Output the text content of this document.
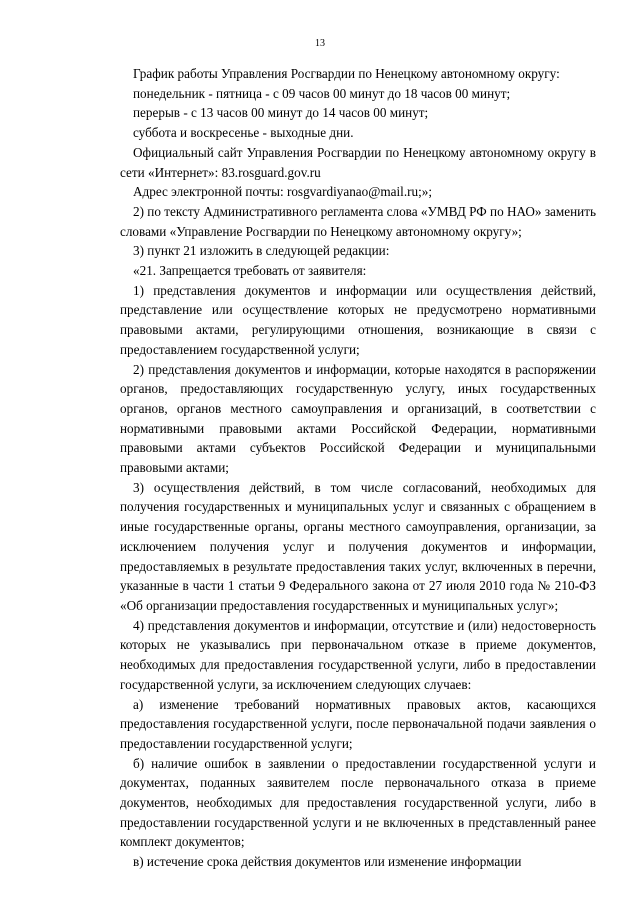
13

График работы Управления Росгвардии по Ненецкому автономному округу:

понедельник - пятница - с 09 часов 00 минут до 18 часов 00 минут;

перерыв - с 13 часов 00 минут до 14 часов 00 минут;

суббота и воскресенье - выходные дни.

Официальный сайт Управления Росгвардии по Ненецкому автономному округу в сети «Интернет»: 83.rosguard.gov.ru

Адрес электронной почты: rosgvardiyanao@mail.ru;»;

2) по тексту Административного регламента слова «УМВД РФ по НАО» заменить словами «Управление Росгвардии по Ненецкому автономному округу»;

3) пункт 21 изложить в следующей редакции:

«21. Запрещается требовать от заявителя:

1) представления документов и информации или осуществления действий, представление или осуществление которых не предусмотрено нормативными правовыми актами, регулирующими отношения, возникающие в связи с предоставлением государственной услуги;

2) представления документов и информации, которые находятся в распоряжении органов, предоставляющих государственную услугу, иных государственных органов, органов местного самоуправления и организаций, в соответствии с нормативными правовыми актами Российской Федерации, нормативными правовыми актами субъектов Российской Федерации и муниципальными правовыми актами;

3) осуществления действий, в том числе согласований, необходимых для получения государственных и муниципальных услуг и связанных с обращением в иные государственные органы, органы местного самоуправления, организации, за исключением получения услуг и получения документов и информации, предоставляемых в результате предоставления таких услуг, включенных в перечни, указанные в части 1 статьи 9 Федерального закона от 27 июля 2010 года № 210-ФЗ «Об организации предоставления государственных и муниципальных услуг»;

4) представления документов и информации, отсутствие и (или) недостоверность которых не указывались при первоначальном отказе в приеме документов, необходимых для предоставления государственной услуги, либо в предоставлении государственной услуги, за исключением следующих случаев:

а) изменение требований нормативных правовых актов, касающихся предоставления государственной услуги, после первоначальной подачи заявления о предоставлении государственной услуги;

б) наличие ошибок в заявлении о предоставлении государственной услуги и документах, поданных заявителем после первоначального отказа в приеме документов, необходимых для предоставления государственной услуги, либо в предоставлении государственной услуги и не включенных в представленный ранее комплект документов;

в) истечение срока действия документов или изменение информации
